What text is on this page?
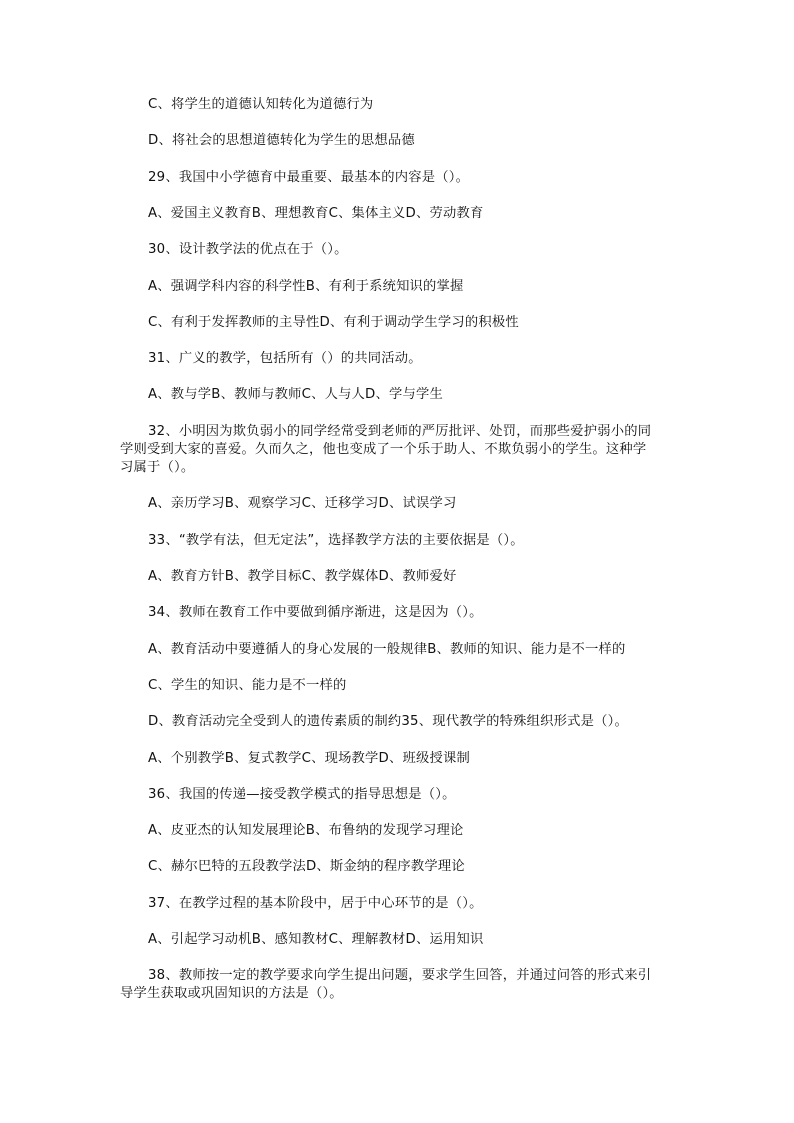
C、将学生的道德认知转化为道德行为
D、将社会的思想道德转化为学生的思想品德
29、我国中小学德育中最重要、最基本的内容是（）。
A、爱国主义教育B、理想教育C、集体主义D、劳动教育
30、设计教学法的优点在于（）。
A、强调学科内容的科学性B、有利于系统知识的掌握
C、有利于发挥教师的主导性D、有利于调动学生学习的积极性
31、广义的教学，包括所有（）的共同活动。
A、教与学B、教师与教师C、人与人D、学与学生
32、小明因为欺负弱小的同学经常受到老师的严厉批评、处罚，而那些爱护弱小的同
学则受到大家的喜爱。久而久之，他也变成了一个乐于助人、不欺负弱小的学生。这种学
习属于（）。
A、亲历学习B、观察学习C、迁移学习D、试误学习
33、“教学有法，但无定法”，选择教学方法的主要依据是（）。
A、教育方针B、教学目标C、教学媒体D、教师爱好
34、教师在教育工作中要做到循序渐进，这是因为（）。
A、教育活动中要遵循人的身心发展的一般规律B、教师的知识、能力是不一样的
C、学生的知识、能力是不一样的
D、教育活动完全受到人的遗传素质的制约35、现代教学的特殊组织形式是（）。
A、个别教学B、复式教学C、现场教学D、班级授课制
36、我国的传递—接受教学模式的指导思想是（）。
A、皮亚杰的认知发展理论B、布鲁纳的发现学习理论
C、赫尔巴特的五段教学法D、斯金纳的程序教学理论
37、在教学过程的基本阶段中，居于中心环节的是（）。
A、引起学习动机B、感知教材C、理解教材D、运用知识
38、教师按一定的教学要求向学生提出问题，要求学生回答，并通过问答的形式来引
导学生获取或巩固知识的方法是（）。
